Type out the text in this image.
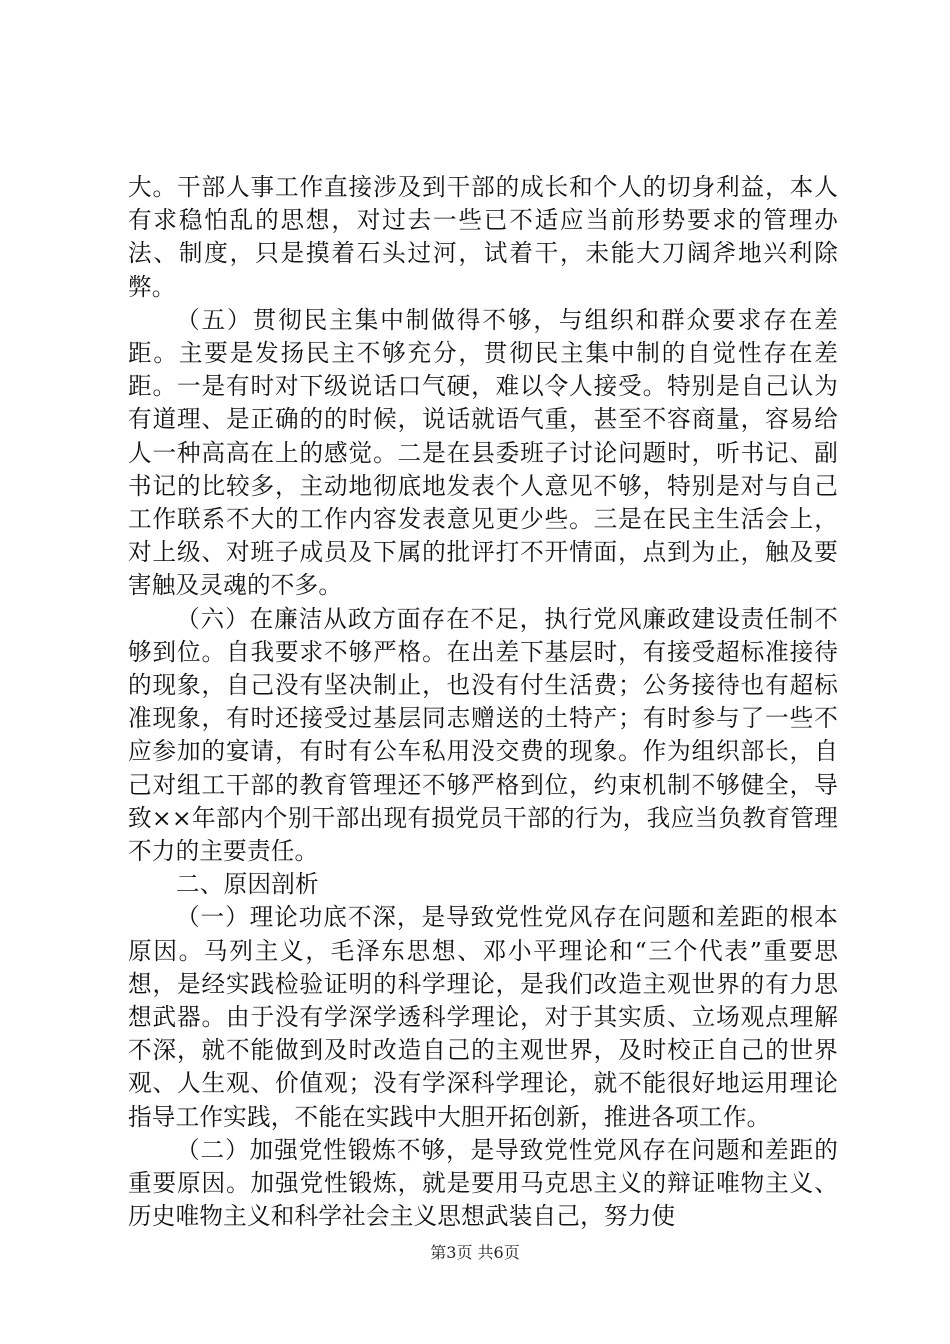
大。干部人事工作直接涉及到干部的成长和个人的切身利益，本人有求稳怕乱的思想，对过去一些已不适应当前形势要求的管理办法、制度，只是摸着石头过河，试着干，未能大刀阔斧地兴利除弊。

（五）贯彻民主集中制做得不够，与组织和群众要求存在差距。主要是发扬民主不够充分，贯彻民主集中制的自觉性存在差距。一是有时对下级说话口气硬，难以令人接受。特别是自己认为有道理、是正确的的时候，说话就语气重，甚至不容商量，容易给人一种高高在上的感觉。二是在县委班子讨论问题时，听书记、副书记的比较多，主动地彻底地发表个人意见不够，特别是对与自己工作联系不大的工作内容发表意见更少些。三是在民主生活会上，对上级、对班子成员及下属的批评打不开情面，点到为止，触及要害触及灵魂的不多。

（六）在廉洁从政方面存在不足，执行党风廉政建设责任制不够到位。自我要求不够严格。在出差下基层时，有接受超标准接待的现象，自己没有坚决制止，也没有付生活费；公务接待也有超标准现象，有时还接受过基层同志赠送的土特产；有时参与了一些不应参加的宴请，有时有公车私用没交费的现象。作为组织部长，自己对组工干部的教育管理还不够严格到位，约束机制不够健全，导致××年部内个别干部出现有损党员干部的行为，我应当负教育管理不力的主要责任。

二、原因剖析

（一）理论功底不深，是导致党性党风存在问题和差距的根本原因。马列主义，毛泽东思想、邓小平理论和“三个代表”重要思想，是经实践检验证明的科学理论，是我们改造主观世界的有力思想武器。由于没有学深学透科学理论，对于其实质、立场观点理解不深，就不能做到及时改造自己的主观世界，及时校正自己的世界观、人生观、价值观；没有学深科学理论，就不能很好地运用理论指导工作实践，不能在实践中大胆开拓创新，推进各项工作。

（二）加强党性锻炼不够，是导致党性党风存在问题和差距的重要原因。加强党性锻炼，就是要用马克思主义的辩证唯物主义、历史唯物主义和科学社会主义思想武装自己，努力使

第3页 共6页
